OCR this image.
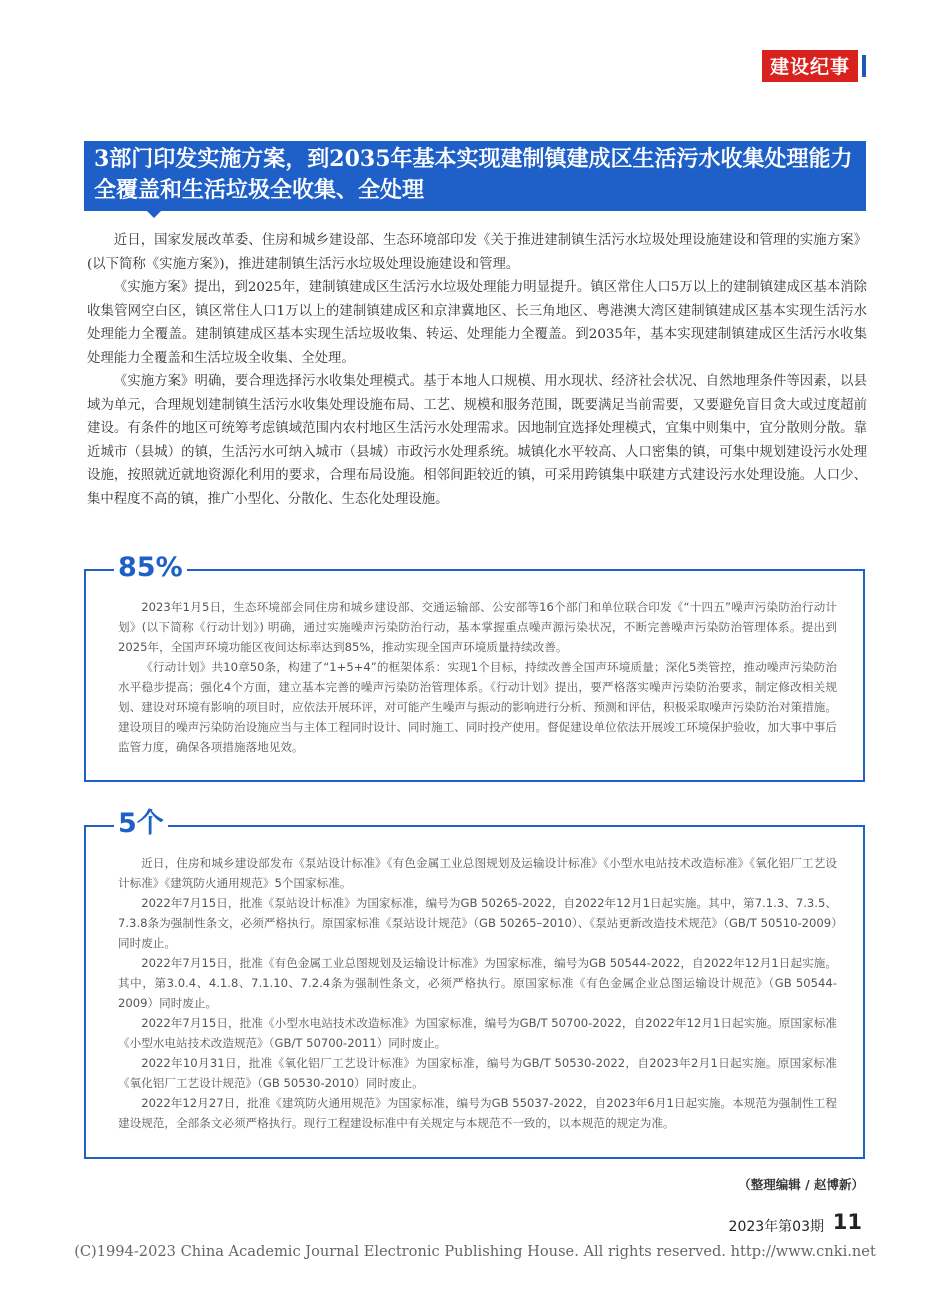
建设纪事
3部门印发实施方案，到2035年基本实现建制镇建成区生活污水收集处理能力全覆盖和生活垃圾全收集、全处理

近日，国家发展改革委、住房和城乡建设部、生态环境部印发《关于推进建制镇生活污水垃圾处理设施建设和管理的实施方案》(以下简称《实施方案》)，推进建制镇生活污水垃圾处理设施建设和管理。

《实施方案》提出，到2025年，建制镇建成区生活污水垃圾处理能力明显提升。镇区常住人口5万以上的建制镇建成区基本消除收集管网空白区，镇区常住人口1万以上的建制镇建成区和京津冀地区、长三角地区、粤港澳大湾区建制镇建成区基本实现生活污水处理能力全覆盖。建制镇建成区基本实现生活垃圾收集、转运、处理能力全覆盖。到2035年，基本实现建制镇建成区生活污水收集处理能力全覆盖和生活垃圾全收集、全处理。

《实施方案》明确，要合理选择污水收集处理模式。基于本地人口规模、用水现状、经济社会状况、自然地理条件等因素，以县域为单元，合理规划建制镇生活污水收集处理设施布局、工艺、规模和服务范围，既要满足当前需要，又要避免盲目贪大或过度超前建设。有条件的地区可统筹考虑镇域范围内农村地区生活污水处理需求。因地制宜选择处理模式，宜集中则集中，宜分散则分散。靠近城市（县城）的镇，生活污水可纳入城市（县城）市政污水处理系统。城镇化水平较高、人口密集的镇，可集中规划建设污水处理设施，按照就近就地资源化利用的要求，合理布局设施。相邻间距较近的镇，可采用跨镇集中联建方式建设污水处理设施。人口少、集中程度不高的镇，推广小型化、分散化、生态化处理设施。

85%

2023年1月5日，生态环境部会同住房和城乡建设部、交通运输部、公安部等16个部门和单位联合印发《“十四五”噪声污染防治行动计划》(以下简称《行动计划》) 明确，通过实施噪声污染防治行动，基本掌握重点噪声源污染状况，不断完善噪声污染防治管理体系。提出到2025年，全国声环境功能区夜间达标率达到85%，推动实现全国声环境质量持续改善。

《行动计划》共10章50条，构建了“1+5+4”的框架体系：实现1个目标，持续改善全国声环境质量；深化5类管控，推动噪声污染防治水平稳步提高；强化4个方面，建立基本完善的噪声污染防治管理体系。《行动计划》提出，要严格落实噪声污染防治要求，制定修改相关规划、建设对环境有影响的项目时，应依法开展环评，对可能产生噪声与振动的影响进行分析、预测和评估，积极采取噪声污染防治对策措施。建设项目的噪声污染防治设施应当与主体工程同时设计、同时施工、同时投产使用。督促建设单位依法开展竣工环境保护验收，加大事中事后监管力度，确保各项措施落地见效。

5个

近日，住房和城乡建设部发布《泵站设计标准》《有色金属工业总图规划及运输设计标准》《小型水电站技术改造标准》《氧化铝厂工艺设计标准》《建筑防火通用规范》5个国家标准。

2022年7月15日，批准《泵站设计标准》为国家标准，编号为GB 50265-2022，自2022年12月1日起实施。其中，第7.1.3、7.3.5、7.3.8条为强制性条文，必须严格执行。原国家标准《泵站设计规范》（GB 50265–2010）、《泵站更新改造技术规范》（GB/T 50510-2009）同时废止。

2022年7月15日，批准《有色金属工业总图规划及运输设计标准》为国家标准，编号为GB 50544-2022，自2022年12月1日起实施。其中，第3.0.4、4.1.8、7.1.10、7.2.4条为强制性条文，必须严格执行。原国家标准《有色金属企业总图运输设计规范》（GB 50544-2009）同时废止。

2022年7月15日，批准《小型水电站技术改造标准》为国家标准，编号为GB/T 50700-2022，自2022年12月1日起实施。原国家标准《小型水电站技术改造规范》（GB/T 50700-2011）同时废止。

2022年10月31日，批准《氧化铝厂工艺设计标准》为国家标准，编号为GB/T 50530-2022，自2023年2月1日起实施。原国家标准《氧化铝厂工艺设计规范》（GB 50530-2010）同时废止。

2022年12月27日，批准《建筑防火通用规范》为国家标准，编号为GB 55037-2022，自2023年6月1日起实施。本规范为强制性工程建设规范，全部条文必须严格执行。现行工程建设标准中有关规定与本规范不一致的，以本规范的规定为准。

（整理编辑 / 赵博新）
2023年第03期 11
(C)1994-2023 China Academic Journal Electronic Publishing House. All rights reserved. http://www.cnki.net
